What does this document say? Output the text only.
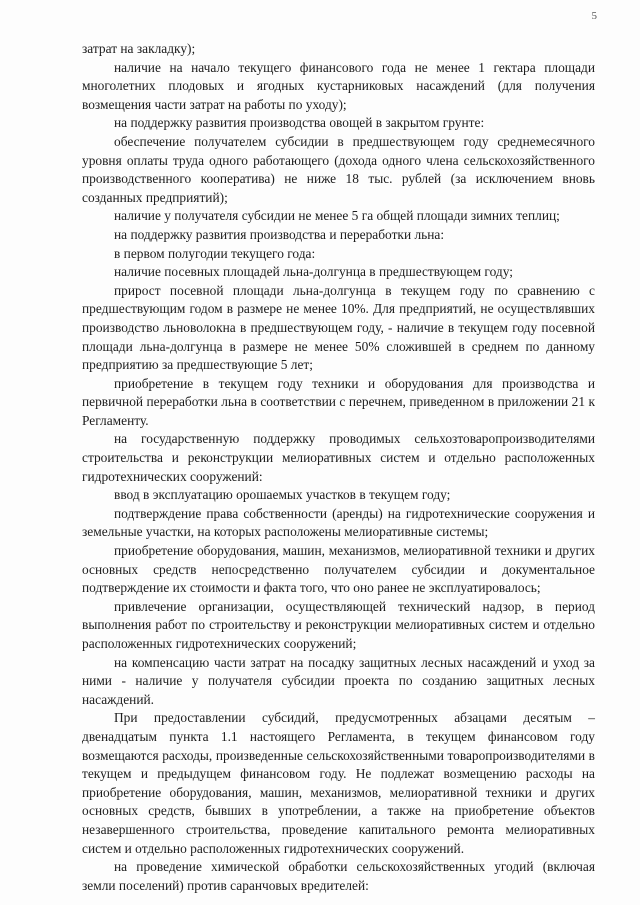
5

затрат на закладку);

наличие на начало текущего финансового года не менее 1 гектара площади многолетних плодовых и ягодных кустарниковых насаждений (для получения возмещения части затрат на работы по уходу);

на поддержку развития производства овощей в закрытом грунте:

обеспечение получателем субсидии в предшествующем году среднемесячного уровня оплаты труда одного работающего (дохода одного члена сельскохозяйственного производственного кооператива) не ниже 18 тыс. рублей (за исключением вновь созданных предприятий);

наличие у получателя субсидии не менее 5 га общей площади зимних теплиц;

на поддержку развития производства и переработки льна:

в первом полугодии текущего года:

наличие посевных площадей льна-долгунца в предшествующем году;

прирост посевной площади льна-долгунца в текущем году по сравнению с предшествующим годом в размере не менее 10%. Для предприятий, не осуществлявших производство льноволокна в предшествующем году, - наличие в текущем году посевной площади льна-долгунца в размере не менее 50% сложившей в среднем по данному предприятию за предшествующие 5 лет;

приобретение в текущем году техники и оборудования для производства и первичной переработки льна в соответствии с перечнем, приведенном в приложении 21 к Регламенту.

на государственную поддержку проводимых сельхозтоваропроизводителями строительства и реконструкции мелиоративных систем и отдельно расположенных гидротехнических сооружений:

ввод в эксплуатацию орошаемых участков в текущем году;

подтверждение права собственности (аренды) на гидротехнические сооружения и земельные участки, на которых расположены мелиоративные системы;

приобретение оборудования, машин, механизмов, мелиоративной техники и других основных средств непосредственно получателем субсидии и документальное подтверждение их стоимости и факта того, что оно ранее не эксплуатировалось;

привлечение организации, осуществляющей технический надзор, в период выполнения работ по строительству и реконструкции мелиоративных систем и отдельно расположенных гидротехнических сооружений;

на компенсацию части затрат на посадку защитных лесных насаждений и уход за ними - наличие у получателя субсидии проекта по созданию защитных лесных насаждений.

При предоставлении субсидий, предусмотренных абзацами десятым – двенадцатым пункта 1.1 настоящего Регламента, в текущем финансовом году возмещаются расходы, произведенные сельскохозяйственными товаропроизводителями в текущем и предыдущем финансовом году. Не подлежат возмещению расходы на приобретение оборудования, машин, механизмов, мелиоративной техники и других основных средств, бывших в употреблении, а также на приобретение объектов незавершенного строительства, проведение капитального ремонта мелиоративных систем и отдельно расположенных гидротехнических сооружений.

на проведение химической обработки сельскохозяйственных угодий (включая земли поселений) против саранчовых вредителей:
